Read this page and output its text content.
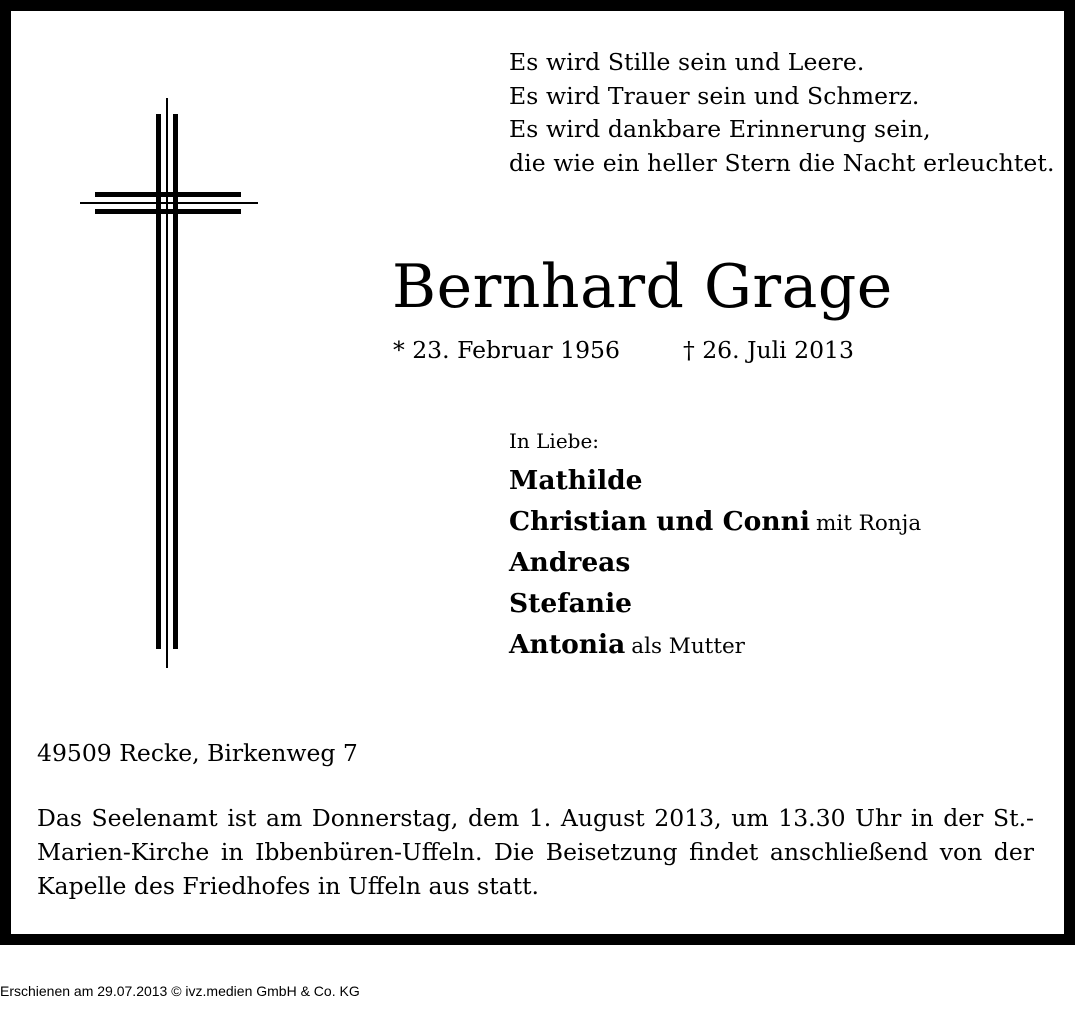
Es wird Stille sein und Leere.
Es wird Trauer sein und Schmerz.
Es wird dankbare Erinnerung sein,
die wie ein heller Stern die Nacht erleuchtet.
Bernhard Grage
* 23. Februar 1956	† 26. Juli 2013
In Liebe:
Mathilde
Christian und Conni mit Ronja
Andreas
Stefanie
Antonia als Mutter
49509 Recke, Birkenweg 7
Das Seelenamt ist am Donnerstag, dem 1. August 2013, um 13.30 Uhr in der St.-Marien-Kirche in Ibbenbüren-Uffeln. Die Beisetzung findet anschließend von der Kapelle des Friedhofes in Uffeln aus statt.
Erschienen am 29.07.2013 © ivz.medien GmbH & Co. KG
